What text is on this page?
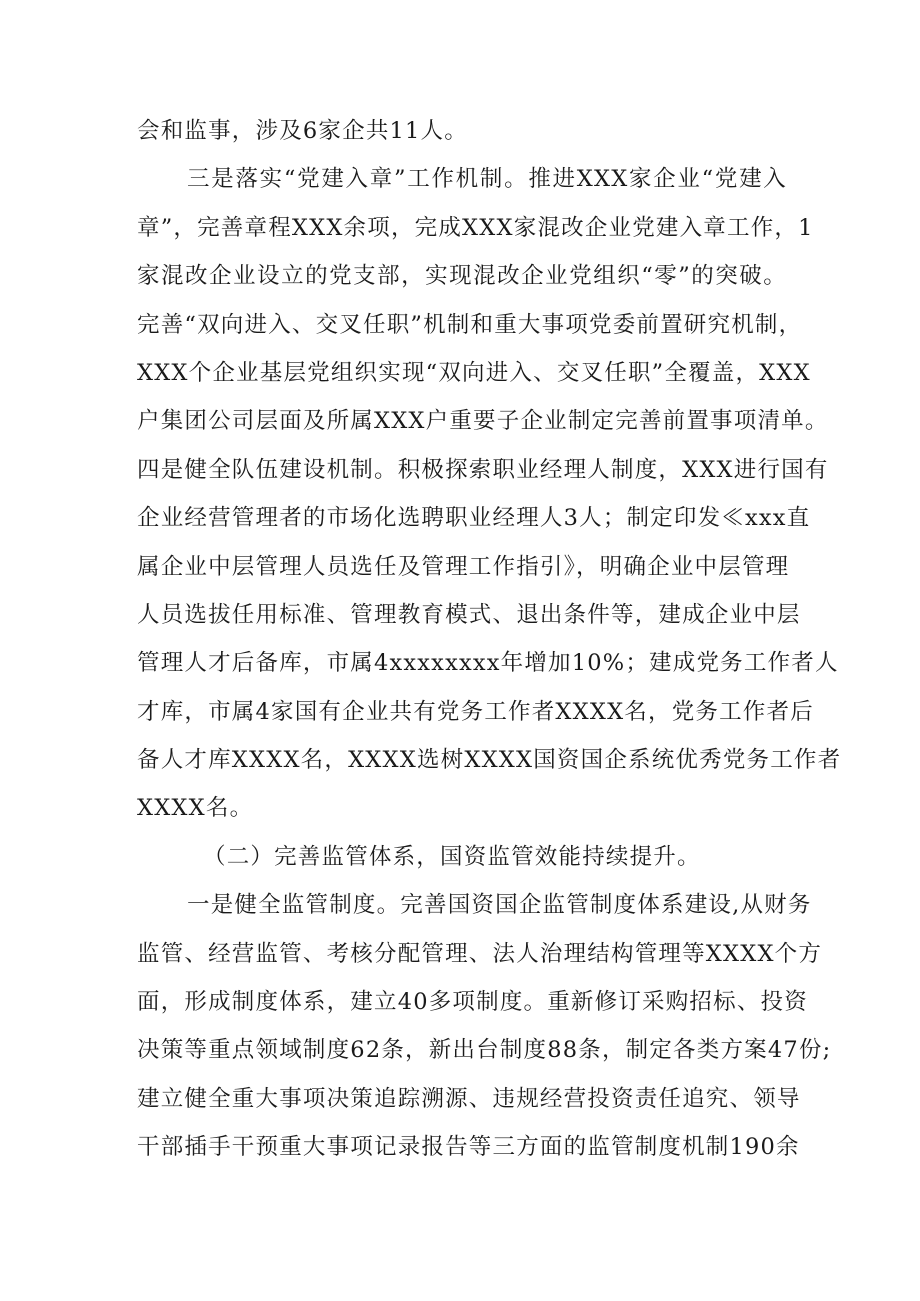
会和监事，涉及6家企共11人。
三是落实“党建入章”工作机制。推进XXX家企业“党建入
章”，完善章程XXX余项，完成XXX家混改企业党建入章工作，1
家混改企业设立的党支部，实现混改企业党组织“零”的突破。
完善“双向进入、交叉任职”机制和重大事项党委前置研究机制，
XXX个企业基层党组织实现“双向进入、交叉任职”全覆盖，XXX
户集团公司层面及所属XXX户重要子企业制定完善前置事项清单。
四是健全队伍建设机制。积极探索职业经理人制度，XXX进行国有
企业经营管理者的市场化选聘职业经理人3人；制定印发≪xxx直
属企业中层管理人员选任及管理工作指引》，明确企业中层管理
人员选拔任用标准、管理教育模式、退出条件等，建成企业中层
管理人才后备库，市属4xxxxxxxx年增加10%；建成党务工作者人
才库，市属4家国有企业共有党务工作者XXXX名，党务工作者后
备人才库XXXX名，XXXX选树XXXX国资国企系统优秀党务工作者
XXXX名。
（二）完善监管体系，国资监管效能持续提升。
一是健全监管制度。完善国资国企监管制度体系建设,从财务
监管、经营监管、考核分配管理、法人治理结构管理等XXXX个方
面，形成制度体系，建立40多项制度。重新修订采购招标、投资
决策等重点领域制度62条，新出台制度88条，制定各类方案47份;
建立健全重大事项决策追踪溯源、违规经营投资责任追究、领导
干部插手干预重大事项记录报告等三方面的监管制度机制190余
